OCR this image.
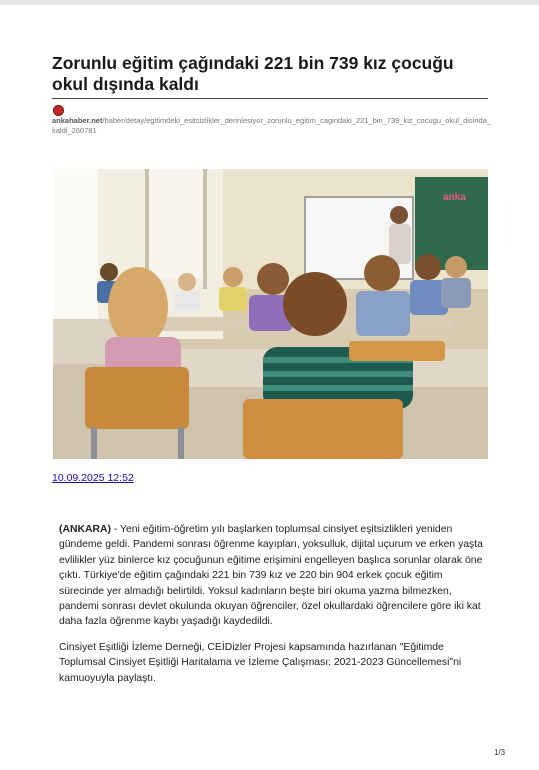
Zorunlu eğitim çağındaki 221 bin 739 kız çocuğu okul dışında kaldı
ankahaber.net/haber/detay/egitimdeki_esitsizlikler_derinlesiyor_zorunlu_egitim_cagindaki_221_bin_739_kiz_cocugu_okul_disinda_kaldi_260781
anka
10.09.2025 12:52

(ANKARA) - Yeni eğitim-öğretim yılı başlarken toplumsal cinsiyet eşitsizlikleri yeniden gündeme geldi. Pandemi sonrası öğrenme kayıpları, yoksulluk, dijital uçurum ve erken yaşta evlilikler yüz binlerce kız çocuğunun eğitime erişimini engelleyen başlıca sorunlar olarak öne çıktı. Türkiye'de eğitim çağındaki 221 bin 739 kız ve 220 bin 904 erkek çocuk eğitim sürecinde yer almadığı belirtildi. Yoksul kadınların beşte biri okuma yazma bilmezken, pandemi sonrası devlet okulunda okuyan öğrenciler, özel okullardaki öğrencilere göre iki kat daha fazla öğrenme kaybı yaşadığı kaydedildi.

Cinsiyet Eşitliği İzleme Derneği, CEİDizler Projesi kapsamında hazırlanan "Eğitimde Toplumsal Cinsiyet Eşitliği Haritalama ve İzleme Çalışması: 2021-2023 Güncellemesi"ni kamuoyuyla paylaştı.

1/3
